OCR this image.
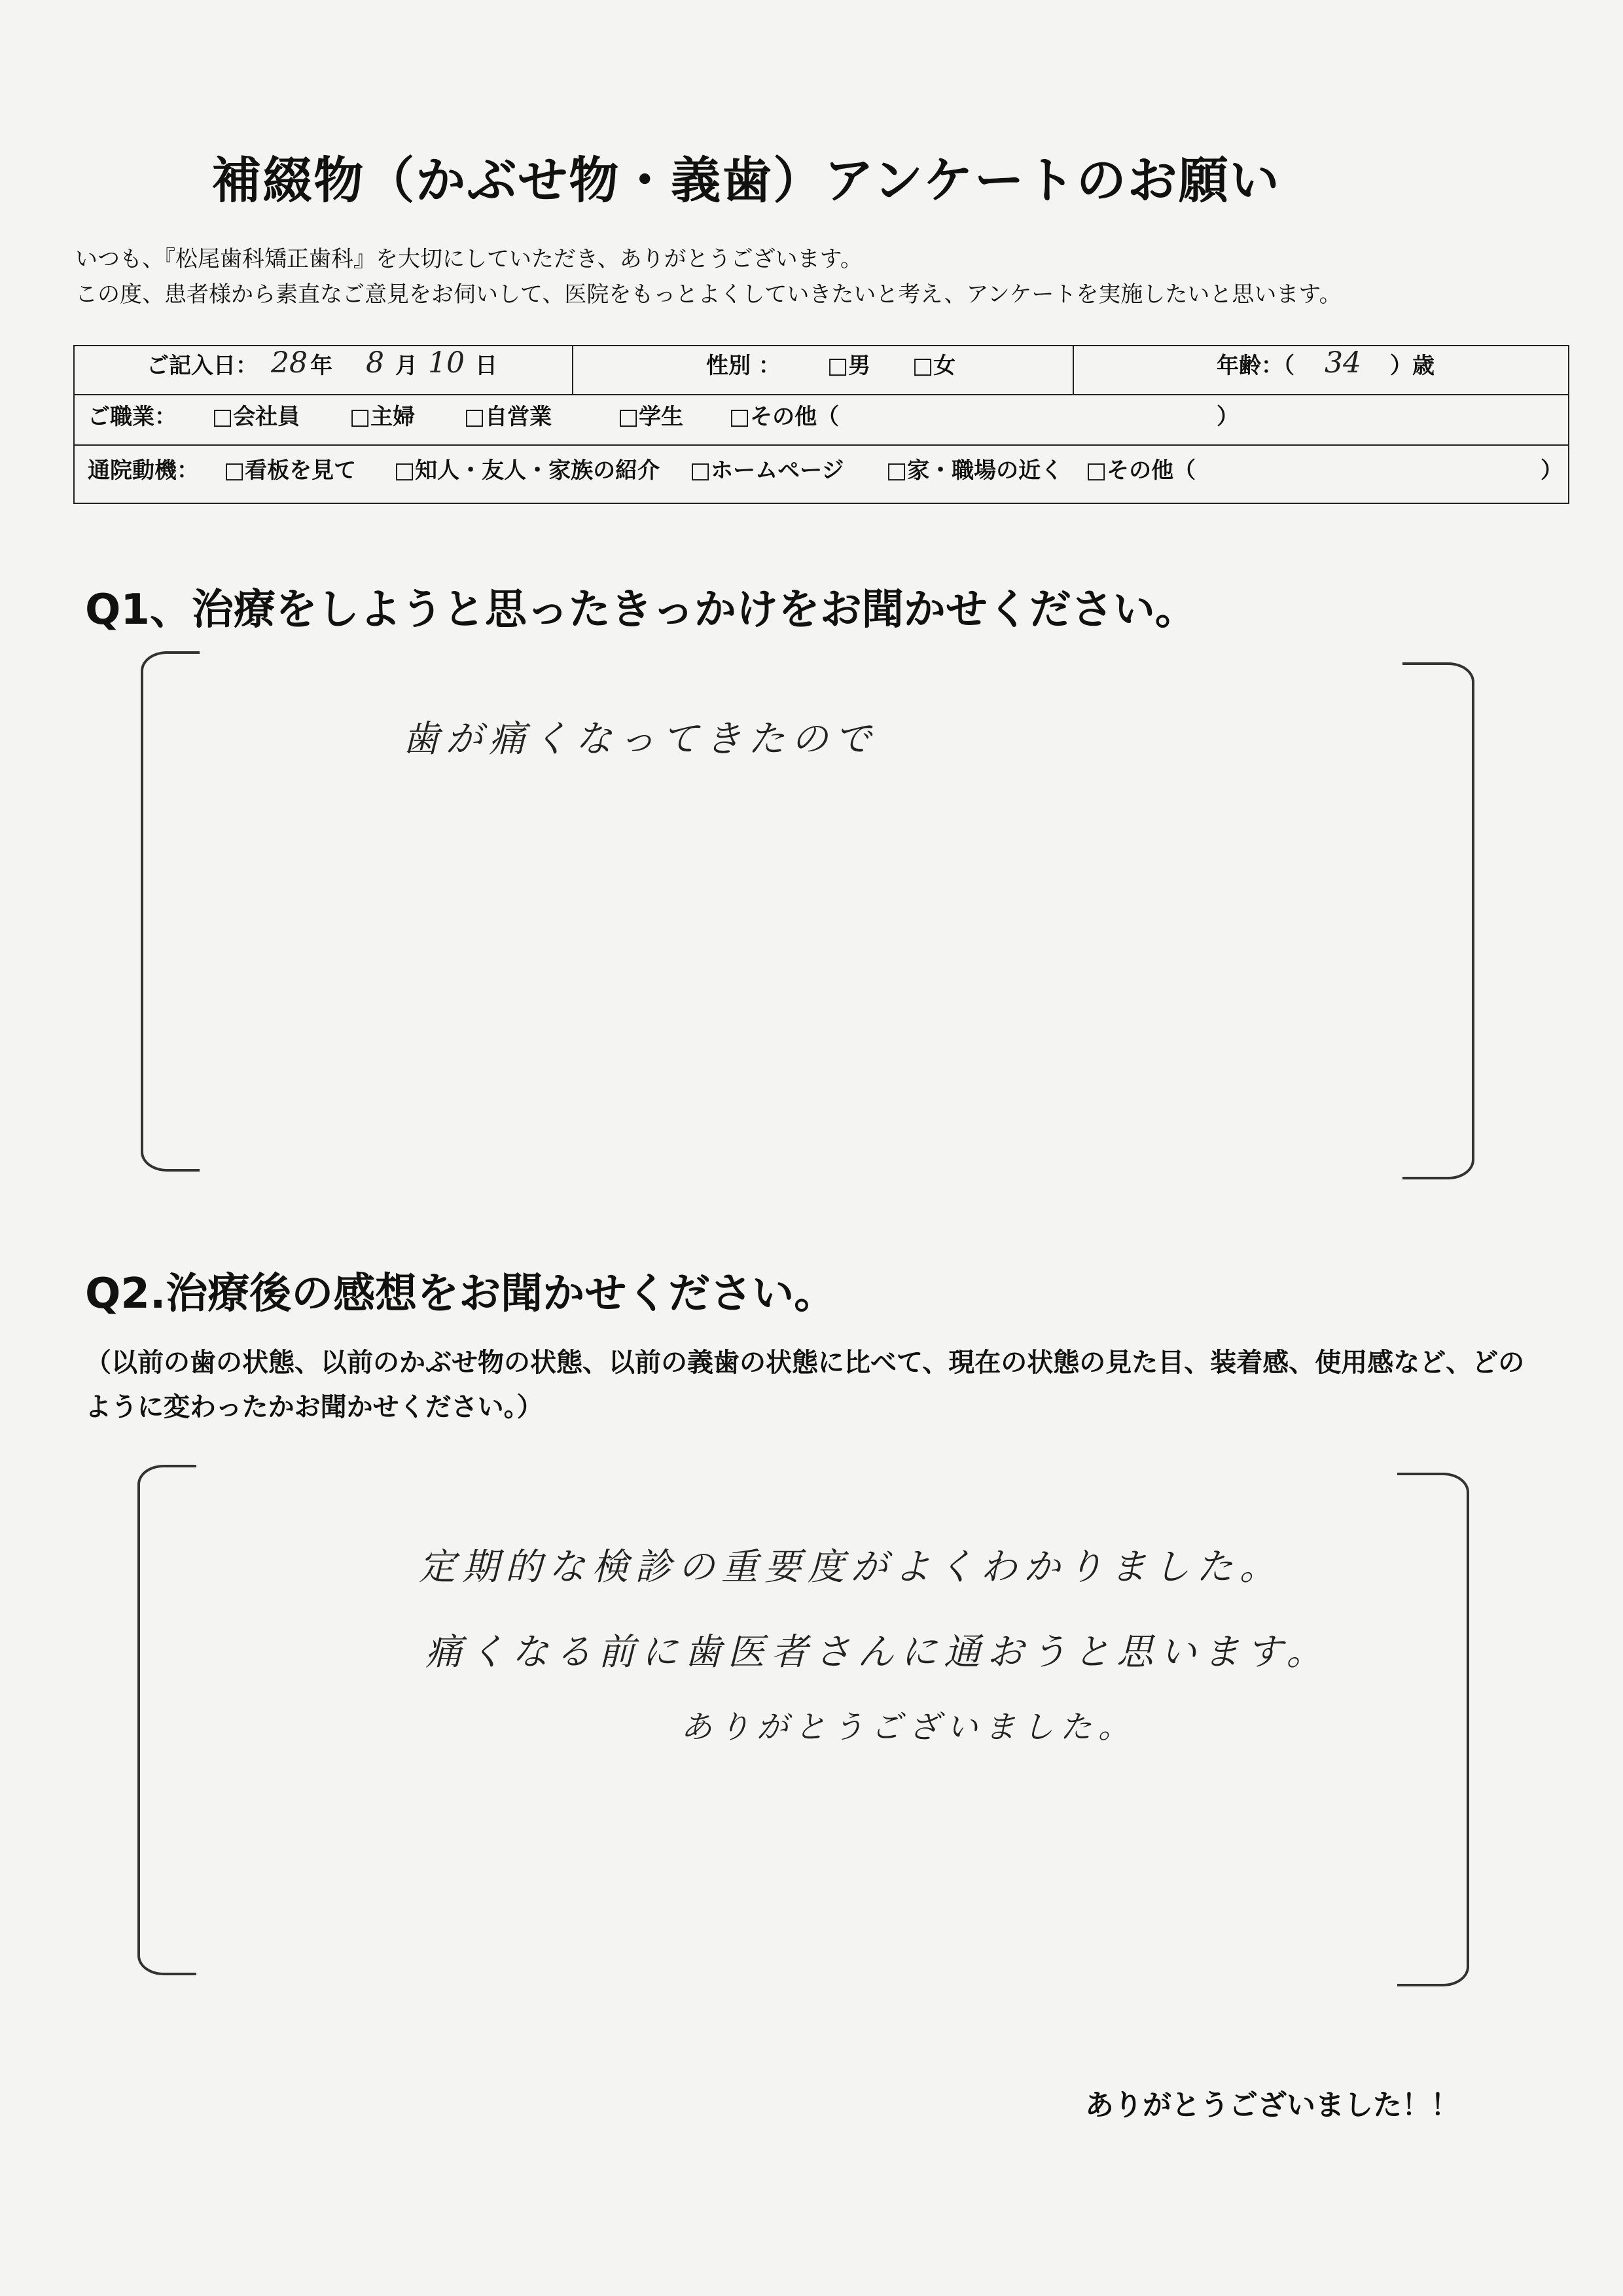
補綴物（かぶせ物・義歯）アンケートのお願い
いつも、『松尾歯科矯正歯科』を大切にしていただき、ありがとうございます。
この度、患者様から素直なご意見をお伺いして、医院をもっとよくしていきたいと考え、アンケートを実施したいと思います。
ご記入日： 28 年 8 月 10 日	性別 ：	□ 男	□ 女	年齢：（ 34 ）歳
ご職業：	□ 会社員	□ 主婦	□ 自営業	□ 学生	□ その他（	）
通院動機：	□ 看板を見て	□ 知人・友人・家族の紹介	□ ホームページ	□ 家・職場の近く	□ その他（	）
Q1、治療をしようと思ったきっかけをお聞かせください。
歯が痛くなってきたので
Q2.治療後の感想をお聞かせください。
（以前の歯の状態、以前のかぶせ物の状態、以前の義歯の状態に比べて、現在の状態の見た目、装着感、使用感など、どのように変わったかお聞かせください。）
定期的な検診の重要度がよくわかりました。
痛くなる前に歯医者さんに通おうと思います。
ありがとうございました。
ありがとうございました！！
